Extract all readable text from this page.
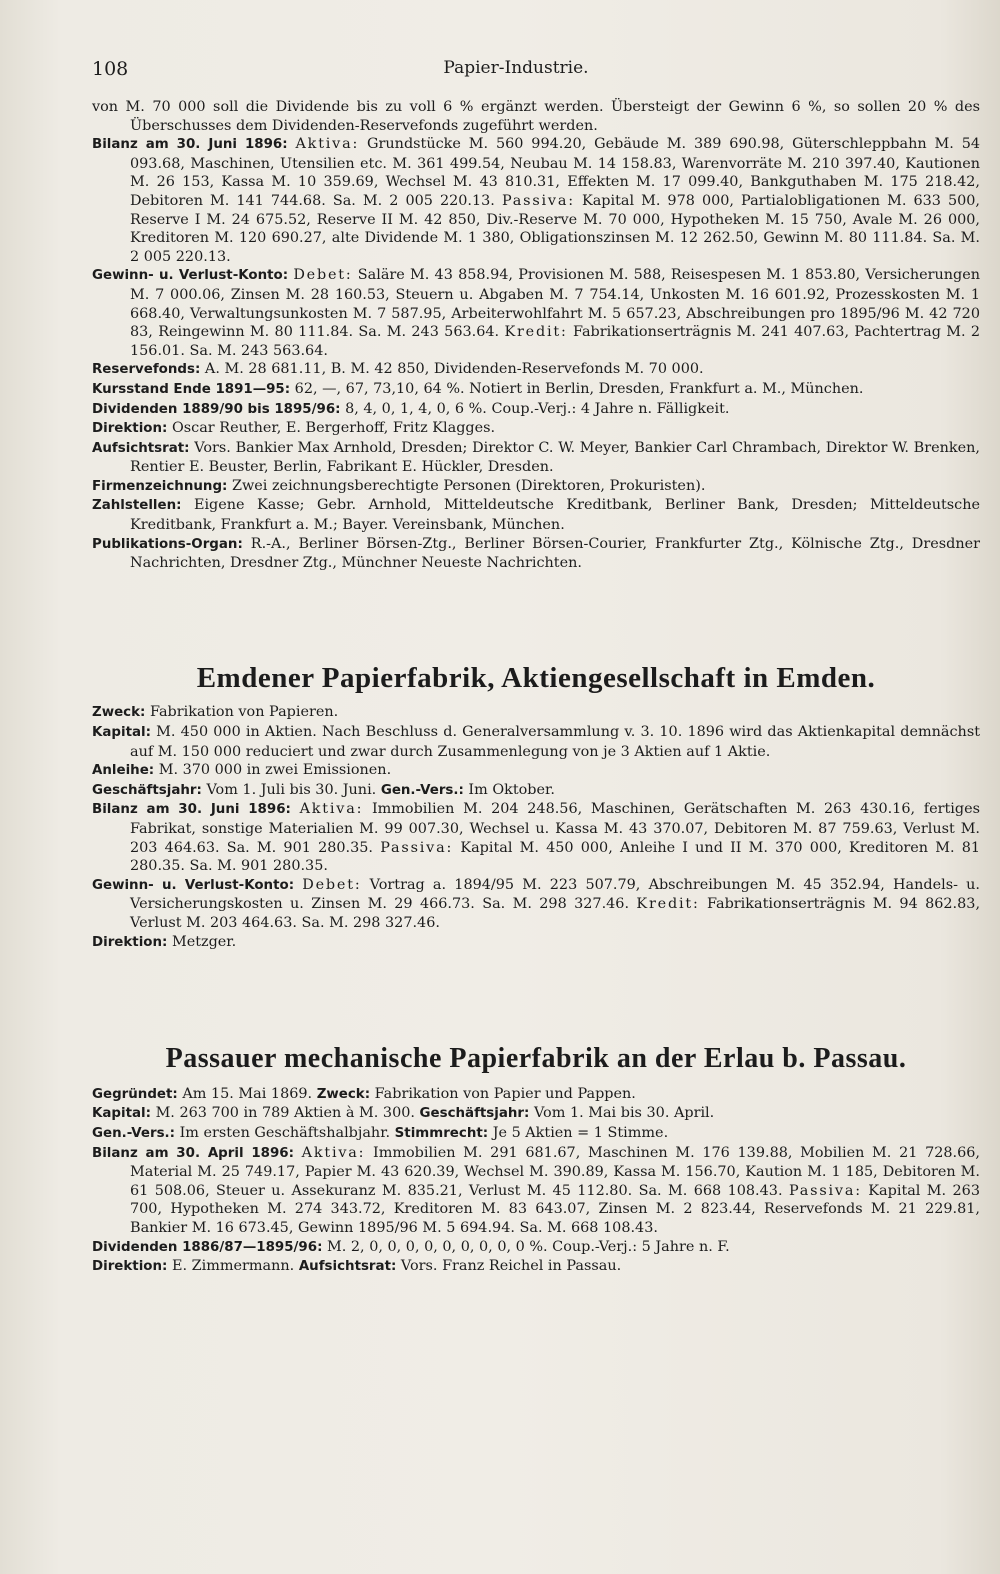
108	Papier-Industrie.

von M. 70 000 soll die Dividende bis zu voll 6 % ergänzt werden. Übersteigt der Gewinn 6 %, so sollen 20 % des Überschusses dem Dividenden-Reservefonds zugeführt werden.

Bilanz am 30. Juni 1896: Aktiva: Grundstücke M. 560 994.20, Gebäude M. 389 690.98, Güterschleppbahn M. 54 093.68, Maschinen, Utensilien etc. M. 361 499.54, Neubau M. 14 158.83, Warenvorräte M. 210 397.40, Kautionen M. 26 153, Kassa M. 10 359.69, Wechsel M. 43 810.31, Effekten M. 17 099.40, Bankguthaben M. 175 218.42, Debitoren M. 141 744.68. Sa. M. 2 005 220.13. Passiva: Kapital M. 978 000, Partialobligationen M. 633 500, Reserve I M. 24 675.52, Reserve II M. 42 850, Div.-Reserve M. 70 000, Hypotheken M. 15 750, Avale M. 26 000, Kreditoren M. 120 690.27, alte Dividende M. 1 380, Obligationszinsen M. 12 262.50, Gewinn M. 80 111.84. Sa. M. 2 005 220.13.

Gewinn- u. Verlust-Konto: Debet: Saläre M. 43 858.94, Provisionen M. 588, Reisespesen M. 1 853.80, Versicherungen M. 7 000.06, Zinsen M. 28 160.53, Steuern u. Abgaben M. 7 754.14, Unkosten M. 16 601.92, Prozesskosten M. 1 668.40, Verwaltungsunkosten M. 7 587.95, Arbeiterwohlfahrt M. 5 657.23, Abschreibungen pro 1895/96 M. 42 720 83, Reingewinn M. 80 111.84. Sa. M. 243 563.64. Kredit: Fabrikationserträgnis M. 241 407.63, Pachtertrag M. 2 156.01. Sa. M. 243 563.64.

Reservefonds: A. M. 28 681.11, B. M. 42 850, Dividenden-Reservefonds M. 70 000.

Kursstand Ende 1891—95: 62, —, 67, 73,10, 64 %. Notiert in Berlin, Dresden, Frankfurt a. M., München.

Dividenden 1889/90 bis 1895/96: 8, 4, 0, 1, 4, 0, 6 %. Coup.-Verj.: 4 Jahre n. Fälligkeit.

Direktion: Oscar Reuther, E. Bergerhoff, Fritz Klagges.

Aufsichtsrat: Vors. Bankier Max Arnhold, Dresden; Direktor C. W. Meyer, Bankier Carl Chrambach, Direktor W. Brenken, Rentier E. Beuster, Berlin, Fabrikant E. Hückler, Dresden.

Firmenzeichnung: Zwei zeichnungsberechtigte Personen (Direktoren, Prokuristen).

Zahlstellen: Eigene Kasse; Gebr. Arnhold, Mitteldeutsche Kreditbank, Berliner Bank, Dresden; Mitteldeutsche Kreditbank, Frankfurt a. M.; Bayer. Vereinsbank, München.

Publikations-Organ: R.-A., Berliner Börsen-Ztg., Berliner Börsen-Courier, Frankfurter Ztg., Kölnische Ztg., Dresdner Nachrichten, Dresdner Ztg., Münchner Neueste Nachrichten.

Emdener Papierfabrik, Aktiengesellschaft in Emden.

Zweck: Fabrikation von Papieren.

Kapital: M. 450 000 in Aktien. Nach Beschluss d. Generalversammlung v. 3. 10. 1896 wird das Aktienkapital demnächst auf M. 150 000 reduciert und zwar durch Zusammenlegung von je 3 Aktien auf 1 Aktie.

Anleihe: M. 370 000 in zwei Emissionen.

Geschäftsjahr: Vom 1. Juli bis 30. Juni. Gen.-Vers.: Im Oktober.

Bilanz am 30. Juni 1896: Aktiva: Immobilien M. 204 248.56, Maschinen, Gerätschaften M. 263 430.16, fertiges Fabrikat, sonstige Materialien M. 99 007.30, Wechsel u. Kassa M. 43 370.07, Debitoren M. 87 759.63, Verlust M. 203 464.63. Sa. M. 901 280.35. Passiva: Kapital M. 450 000, Anleihe I und II M. 370 000, Kreditoren M. 81 280.35. Sa. M. 901 280.35.

Gewinn- u. Verlust-Konto: Debet: Vortrag a. 1894/95 M. 223 507.79, Abschreibungen M. 45 352.94, Handels- u. Versicherungskosten u. Zinsen M. 29 466.73. Sa. M. 298 327.46. Kredit: Fabrikationserträgnis M. 94 862.83, Verlust M. 203 464.63. Sa. M. 298 327.46.

Direktion: Metzger.

Passauer mechanische Papierfabrik an der Erlau b. Passau.

Gegründet: Am 15. Mai 1869. Zweck: Fabrikation von Papier und Pappen.

Kapital: M. 263 700 in 789 Aktien à M. 300. Geschäftsjahr: Vom 1. Mai bis 30. April.

Gen.-Vers.: Im ersten Geschäftshalbjahr. Stimmrecht: Je 5 Aktien = 1 Stimme.

Bilanz am 30. April 1896: Aktiva: Immobilien M. 291 681.67, Maschinen M. 176 139.88, Mobilien M. 21 728.66, Material M. 25 749.17, Papier M. 43 620.39, Wechsel M. 390.89, Kassa M. 156.70, Kaution M. 1 185, Debitoren M. 61 508.06, Steuer u. Assekuranz M. 835.21, Verlust M. 45 112.80. Sa. M. 668 108.43. Passiva: Kapital M. 263 700, Hypotheken M. 274 343.72, Kreditoren M. 83 643.07, Zinsen M. 2 823.44, Reservefonds M. 21 229.81, Bankier M. 16 673.45, Gewinn 1895/96 M. 5 694.94. Sa. M. 668 108.43.

Dividenden 1886/87—1895/96: M. 2, 0, 0, 0, 0, 0, 0, 0, 0, 0 %. Coup.-Verj.: 5 Jahre n. F.

Direktion: E. Zimmermann. Aufsichtsrat: Vors. Franz Reichel in Passau.
